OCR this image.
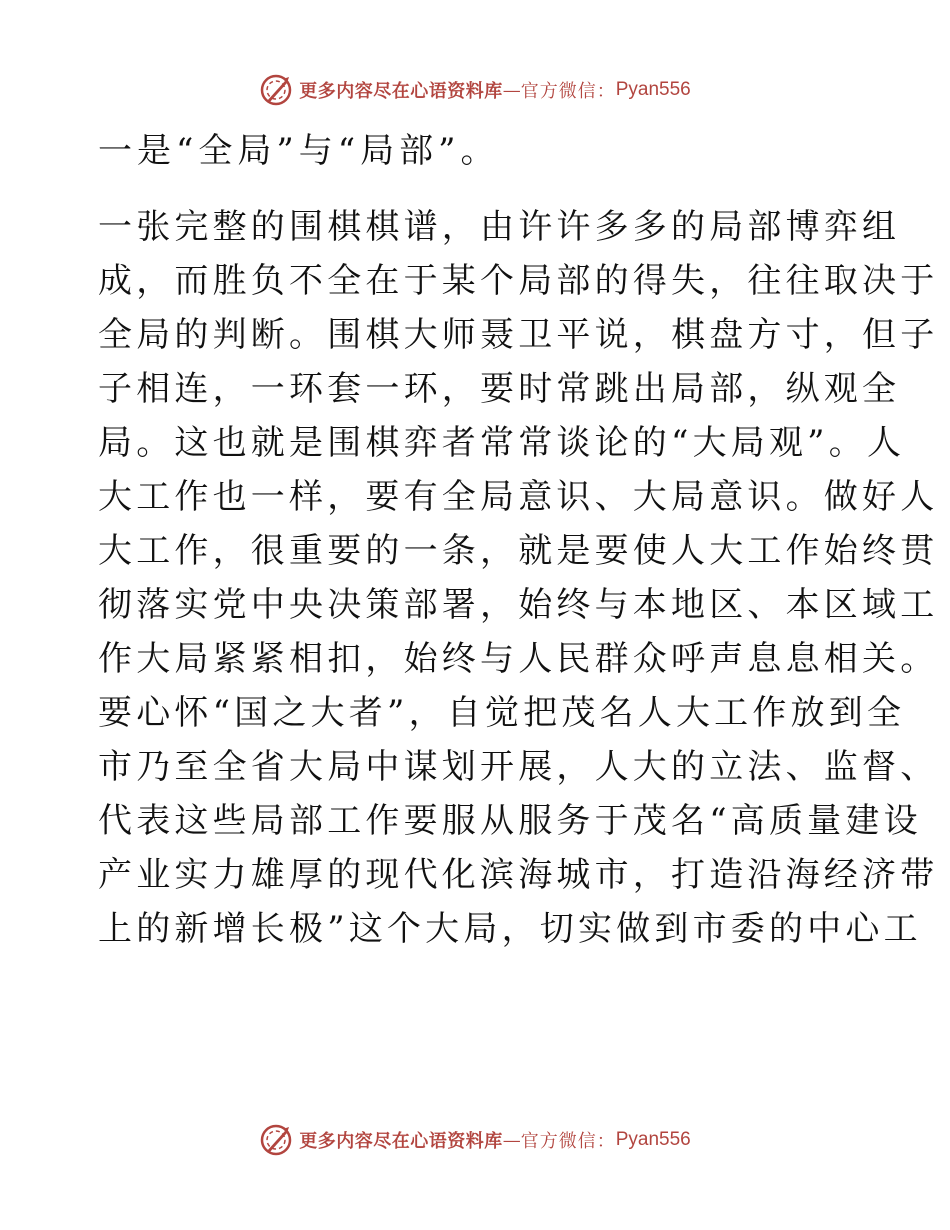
更多内容尽在心语资料库 — 官方微信： Pyan556
一是“全局”与“局部”。
一张完整的围棋棋谱，由许许多多的局部博弈组
成，而胜负不全在于某个局部的得失，往往取决于
全局的判断。围棋大师聂卫平说，棋盘方寸，但子
子相连，一环套一环，要时常跳出局部，纵观全
局。这也就是围棋弈者常常谈论的“大局观”。人
大工作也一样，要有全局意识、大局意识。做好人
大工作，很重要的一条，就是要使人大工作始终贯
彻落实党中央决策部署，始终与本地区、本区域工
作大局紧紧相扣，始终与人民群众呼声息息相关。
要心怀“国之大者”，自觉把茂名人大工作放到全
市乃至全省大局中谋划开展，人大的立法、监督、
代表这些局部工作要服从服务于茂名“高质量建设
产业实力雄厚的现代化滨海城市，打造沿海经济带
上的新增长极”这个大局，切实做到市委的中心工
更多内容尽在心语资料库 — 官方微信： Pyan556
